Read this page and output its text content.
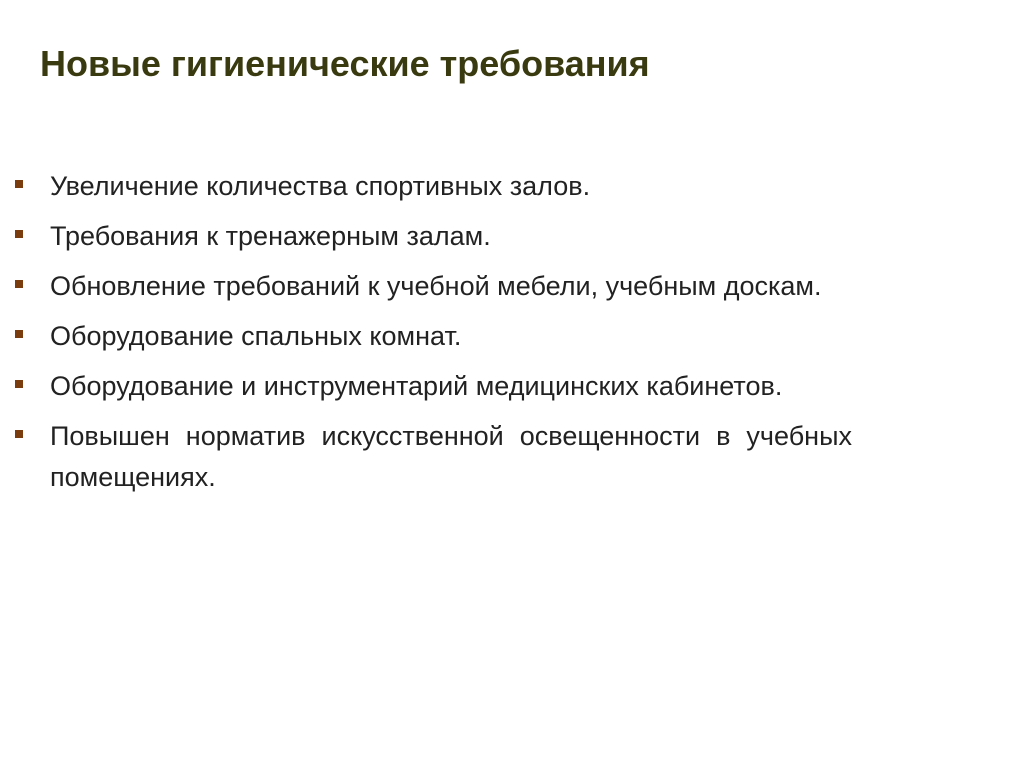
Новые гигиенические требования
Увеличение количества спортивных залов.
Требования к тренажерным залам.
Обновление требований к учебной мебели, учебным доскам.
Оборудование спальных комнат.
Оборудование и инструментарий медицинских кабинетов.
Повышен норматив искусственной освещенности в учебных помещениях.
